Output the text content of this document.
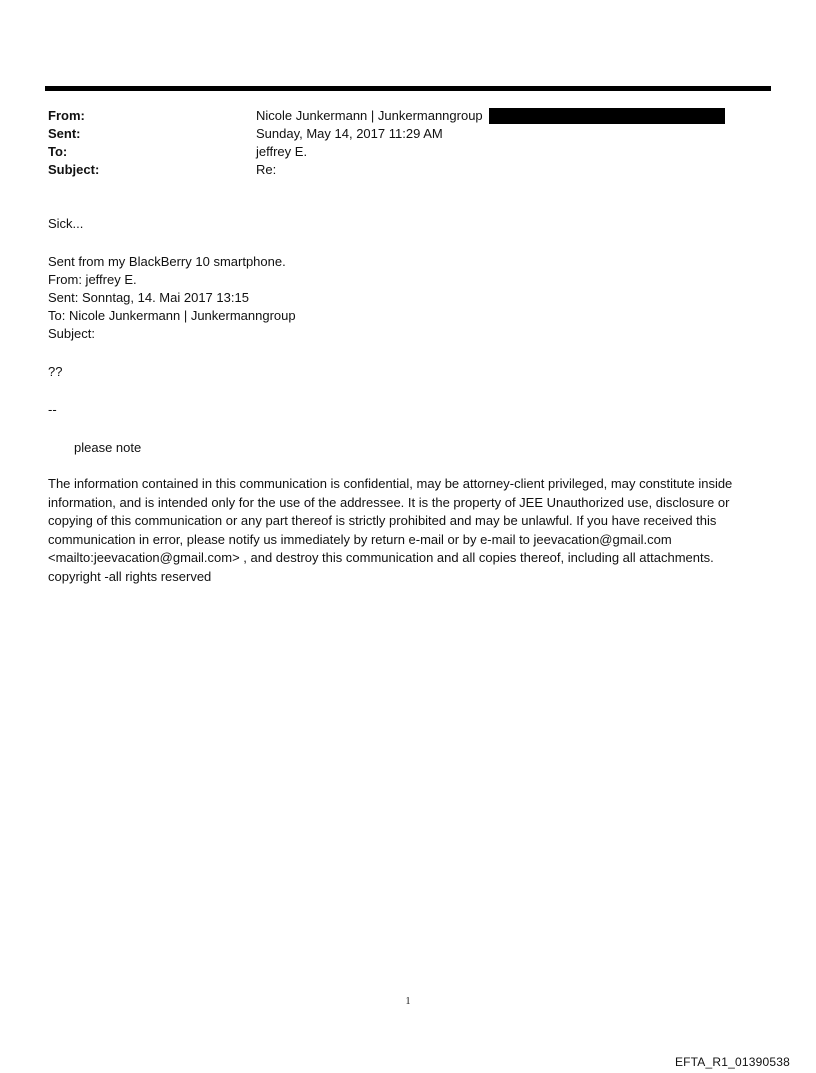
From:	Nicole Junkermann | Junkermanngroup
Sent:	Sunday, May 14, 2017 11:29 AM
To:	jeffrey E.
Subject:	Re:
Sick...
Sent from my BlackBerry 10 smartphone.
From: jeffrey E.
Sent: Sonntag, 14. Mai 2017 13:15
To: Nicole Junkermann | Junkermanngroup
Subject:
??
--
please note
The information contained in this communication is confidential, may be attorney-client privileged, may constitute inside information, and is intended only for the use of the addressee. It is the property of JEE Unauthorized use, disclosure or copying of this communication or any part thereof is strictly prohibited and may be unlawful. If you have received this communication in error, please notify us immediately by return e-mail or by e-mail to jeevacation@gmail.com <mailto:jeevacation@gmail.com> , and destroy this communication and all copies thereof, including all attachments. copyright -all rights reserved
1
EFTA_R1_01390538
